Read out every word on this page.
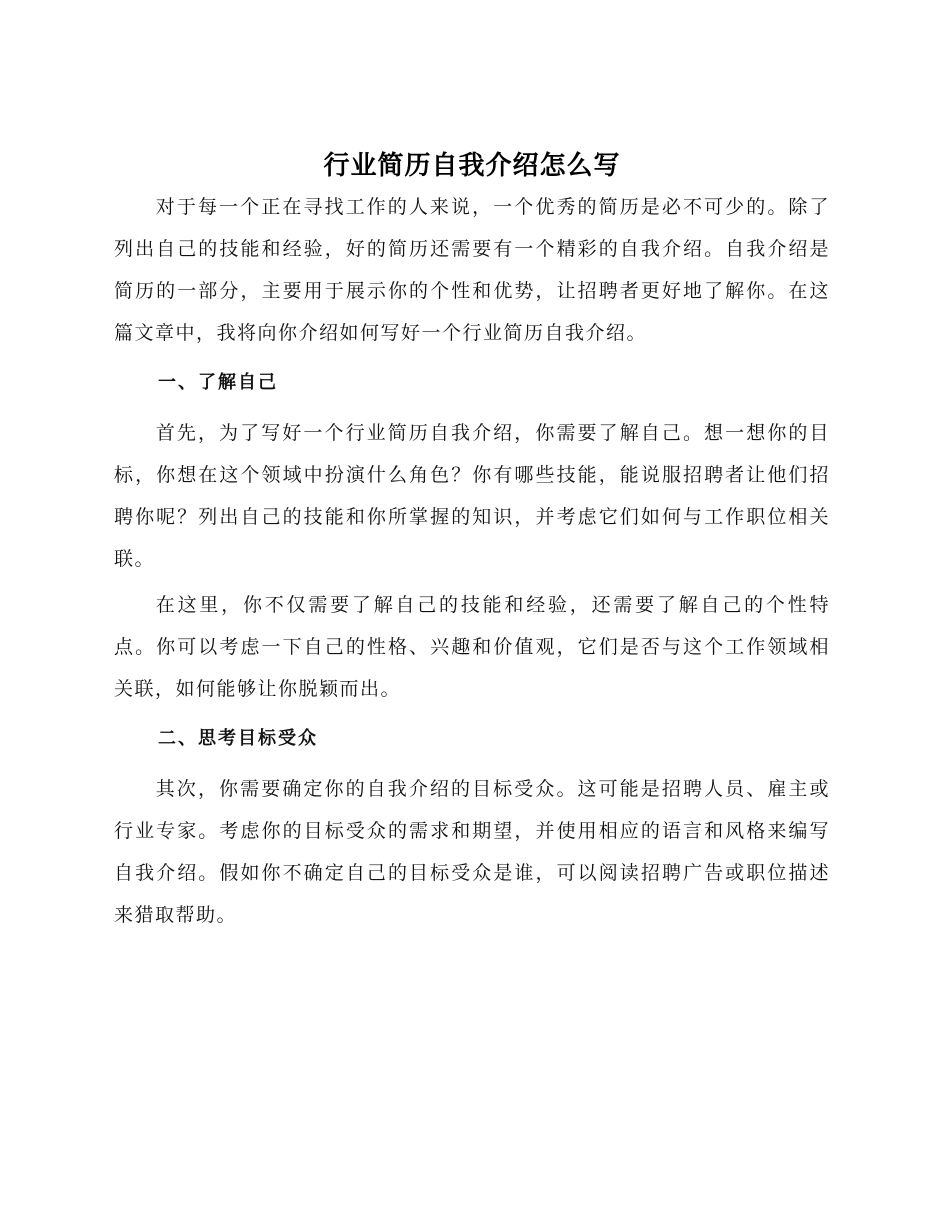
行业简历自我介绍怎么写

对于每一个正在寻找工作的人来说，一个优秀的简历是必不可少的。除了列出自己的技能和经验，好的简历还需要有一个精彩的自我介绍。自我介绍是简历的一部分，主要用于展示你的个性和优势，让招聘者更好地了解你。在这篇文章中，我将向你介绍如何写好一个行业简历自我介绍。

一、了解自己

首先，为了写好一个行业简历自我介绍，你需要了解自己。想一想你的目标，你想在这个领域中扮演什么角色？你有哪些技能，能说服招聘者让他们招聘你呢？列出自己的技能和你所掌握的知识，并考虑它们如何与工作职位相关联。

在这里，你不仅需要了解自己的技能和经验，还需要了解自己的个性特点。你可以考虑一下自己的性格、兴趣和价值观，它们是否与这个工作领域相关联，如何能够让你脱颖而出。

二、思考目标受众

其次，你需要确定你的自我介绍的目标受众。这可能是招聘人员、雇主或行业专家。考虑你的目标受众的需求和期望，并使用相应的语言和风格来编写自我介绍。假如你不确定自己的目标受众是谁，可以阅读招聘广告或职位描述来猎取帮助。
